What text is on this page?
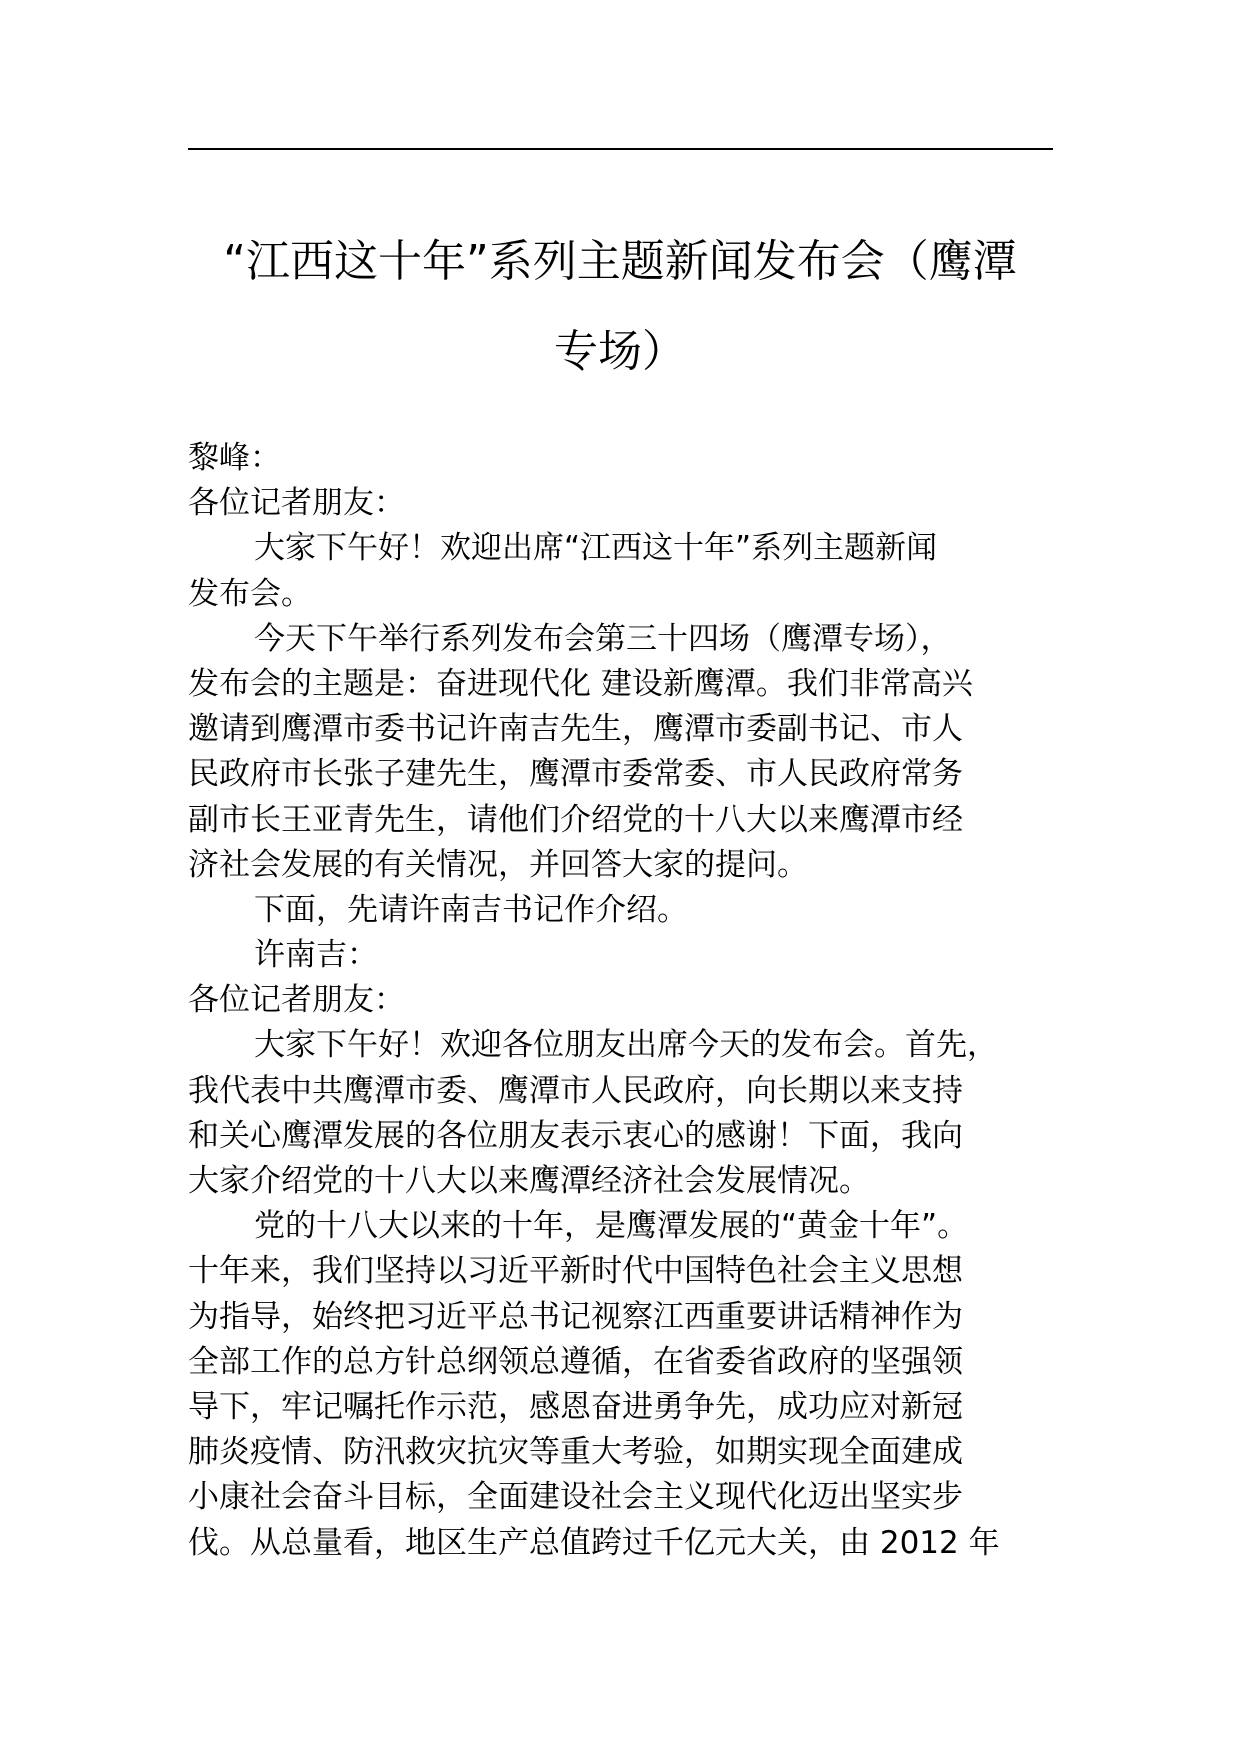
“江西这十年”系列主题新闻发布会（鹰潭
专场）

黎峰：

各位记者朋友：

大家下午好！欢迎出席“江西这十年”系列主题新闻

发布会。

今天下午举行系列发布会第三十四场（鹰潭专场），

发布会的主题是：奋进现代化 建设新鹰潭。我们非常高兴

邀请到鹰潭市委书记许南吉先生，鹰潭市委副书记、市人

民政府市长张子建先生，鹰潭市委常委、市人民政府常务

副市长王亚青先生，请他们介绍党的十八大以来鹰潭市经

济社会发展的有关情况，并回答大家的提问。

下面，先请许南吉书记作介绍。

许南吉：

各位记者朋友：

大家下午好！欢迎各位朋友出席今天的发布会。首先，

我代表中共鹰潭市委、鹰潭市人民政府，向长期以来支持

和关心鹰潭发展的各位朋友表示衷心的感谢！下面，我向

大家介绍党的十八大以来鹰潭经济社会发展情况。

党的十八大以来的十年，是鹰潭发展的“黄金十年”。

十年来，我们坚持以习近平新时代中国特色社会主义思想

为指导，始终把习近平总书记视察江西重要讲话精神作为

全部工作的总方针总纲领总遵循，在省委省政府的坚强领

导下，牢记嘱托作示范，感恩奋进勇争先，成功应对新冠

肺炎疫情、防汛救灾抗灾等重大考验，如期实现全面建成

小康社会奋斗目标，全面建设社会主义现代化迈出坚实步

伐。从总量看，地区生产总值跨过千亿元大关，由 2012 年
